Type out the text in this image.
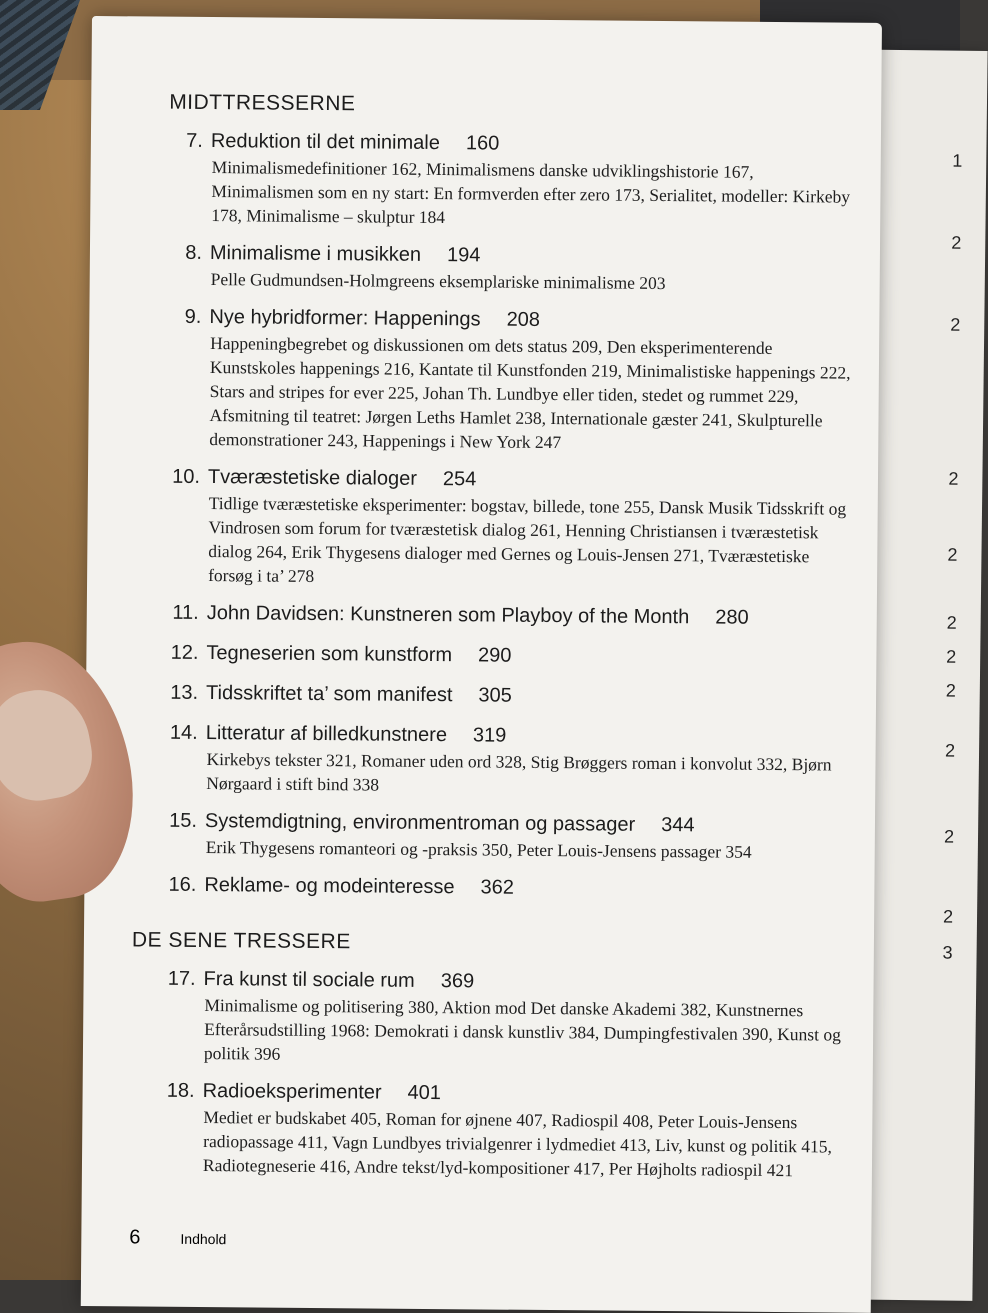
1
2
2
2
2
2
2
2
2
2
2
3
MIDTTRESSERNE
7. Reduktion til det minimale 160
Minimalismedefinitioner 162, Minimalismens danske udviklingshistorie 167, Minimalismen som en ny start: En formverden efter zero 173, Serialitet, modeller: Kirkeby 178, Minimalisme – skulptur 184
8. Minimalisme i musikken 194
Pelle Gudmundsen-Holmgreens eksemplariske minimalisme 203
9. Nye hybridformer: Happenings 208
Happeningbegrebet og diskussionen om dets status 209, Den eksperimenterende Kunstskoles happenings 216, Kantate til Kunstfonden 219, Minimalistiske happenings 222, Stars and stripes for ever 225, Johan Th. Lundbye eller tiden, stedet og rummet 229, Afsmitning til teatret: Jørgen Leths Hamlet 238, Internationale gæster 241, Skulpturelle demonstrationer 243, Happenings i New York 247
10. Tværæstetiske dialoger 254
Tidlige tværæstetiske eksperimenter: bogstav, billede, tone 255, Dansk Musik Tidsskrift og Vindrosen som forum for tværæstetisk dialog 261, Henning Christiansen i tværæstetisk dialog 264, Erik Thygesens dialoger med Gernes og Louis-Jensen 271, Tværæstetiske forsøg i ta’ 278
11. John Davidsen: Kunstneren som Playboy of the Month 280
12. Tegneserien som kunstform 290
13. Tidsskriftet ta’ som manifest 305
14. Litteratur af billedkunstnere 319
Kirkebys tekster 321, Romaner uden ord 328, Stig Brøggers roman i konvolut 332, Bjørn Nørgaard i stift bind 338
15. Systemdigtning, environmentroman og passager 344
Erik Thygesens romanteori og -praksis 350, Peter Louis-Jensens passager 354
16. Reklame- og modeinteresse 362
DE SENE TRESSERE
17. Fra kunst til sociale rum 369
Minimalisme og politisering 380, Aktion mod Det danske Akademi 382, Kunstnernes Efterårsudstilling 1968: Demokrati i dansk kunstliv 384, Dumpingfestivalen 390, Kunst og politik 396
18. Radioeksperimenter 401
Mediet er budskabet 405, Roman for øjnene 407, Radiospil 408, Peter Louis-Jensens radiopassage 411, Vagn Lundbyes trivialgenrer i lydmediet 413, Liv, kunst og politik 415, Radiotegneserie 416, Andre tekst/lyd-kompositioner 417, Per Højholts radiospil 421
6	Indhold
